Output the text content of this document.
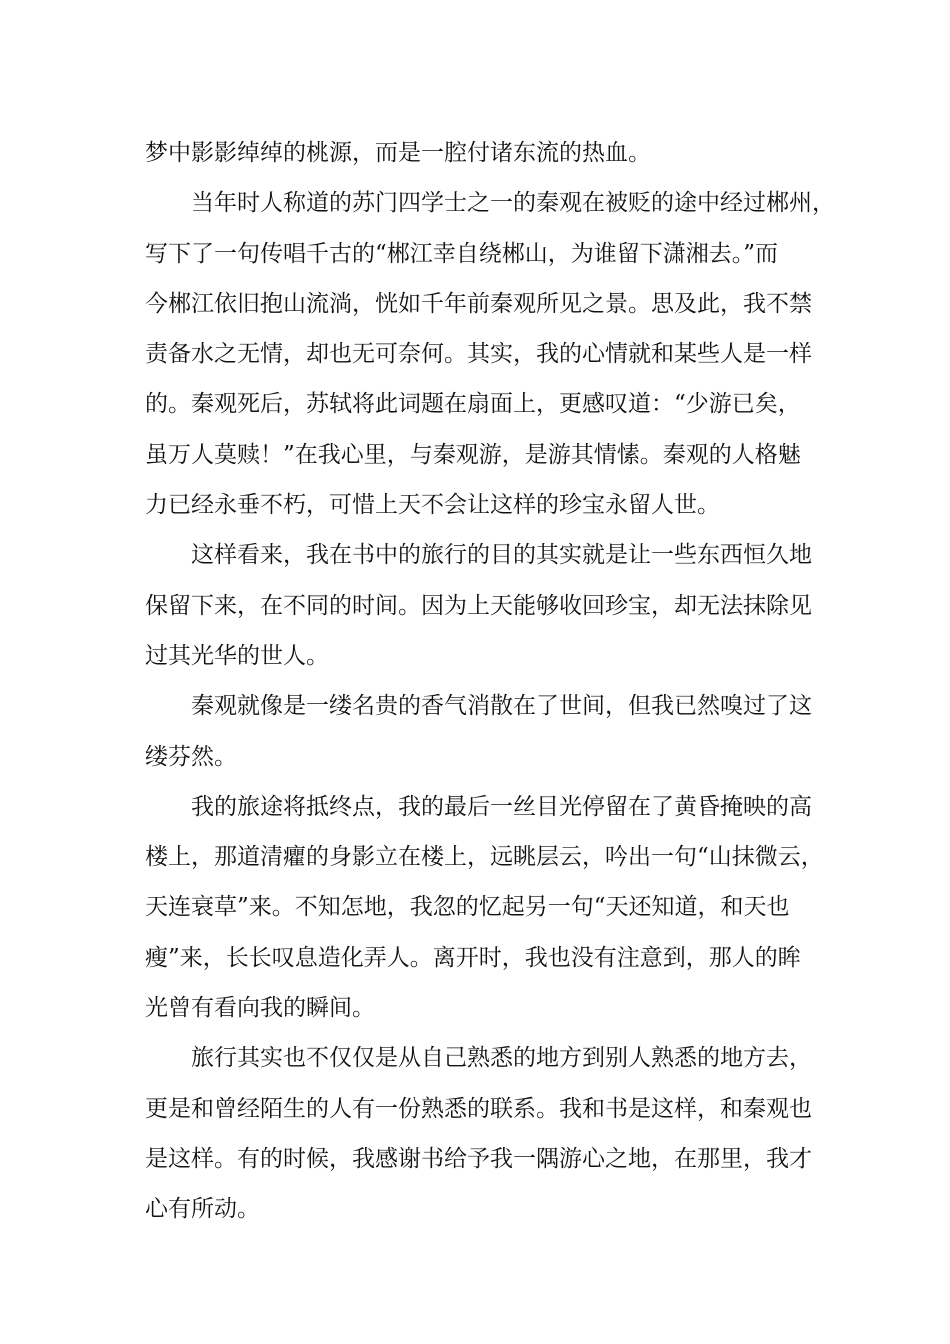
梦中影影绰绰的桃源，而是一腔付诸东流的热血。

当年时人称道的苏门四学士之一的秦观在被贬的途中经过郴州，
写下了一句传唱千古的“郴江幸自绕郴山，为谁留下潇湘去。”而
今郴江依旧抱山流淌，恍如千年前秦观所见之景。思及此，我不禁
责备水之无情，却也无可奈何。其实，我的心情就和某些人是一样
的。秦观死后，苏轼将此词题在扇面上，更感叹道：“少游已矣，
虽万人莫赎！”在我心里，与秦观游，是游其情愫。秦观的人格魅
力已经永垂不朽，可惜上天不会让这样的珍宝永留人世。

这样看来，我在书中的旅行的目的其实就是让一些东西恒久地
保留下来，在不同的时间。因为上天能够收回珍宝，却无法抹除见
过其光华的世人。

秦观就像是一缕名贵的香气消散在了世间，但我已然嗅过了这
缕芬然。

我的旅途将抵终点，我的最后一丝目光停留在了黄昏掩映的高
楼上，那道清癯的身影立在楼上，远眺层云，吟出一句“山抹微云，
天连衰草”来。不知怎地，我忽的忆起另一句“天还知道，和天也
瘦”来，长长叹息造化弄人。离开时，我也没有注意到，那人的眸
光曾有看向我的瞬间。

旅行其实也不仅仅是从自己熟悉的地方到别人熟悉的地方去，
更是和曾经陌生的人有一份熟悉的联系。我和书是这样，和秦观也
是这样。有的时候，我感谢书给予我一隅游心之地，在那里，我才
心有所动。
